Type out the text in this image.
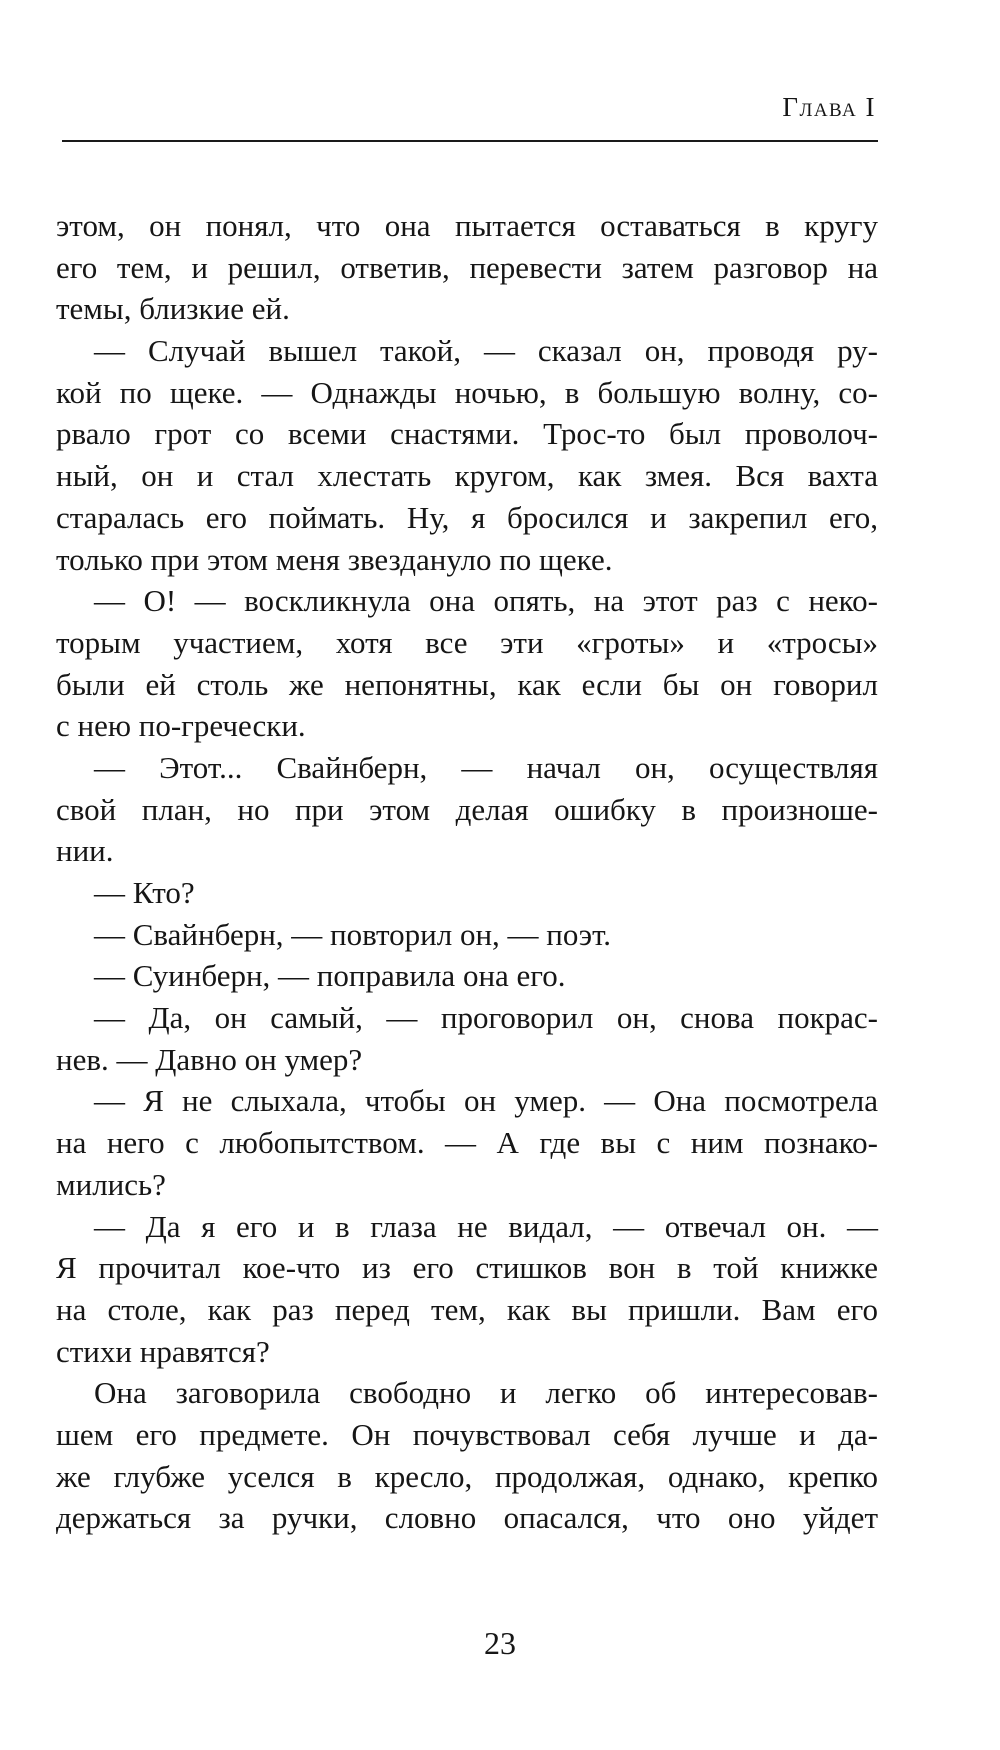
Глава I
этом, он понял, что она пытается оставаться в кругу
его тем, и решил, ответив, перевести затем разговор на
темы, близкие ей.
— Случай вышел такой, — сказал он, проводя ру-
кой по щеке. — Однажды ночью, в большую волну, со-
рвало грот со всеми снастями. Трос-то был проволоч-
ный, он и стал хлестать кругом, как змея. Вся вахта
старалась его поймать. Ну, я бросился и закрепил его,
только при этом меня звездануло по щеке.
— О! — воскликнула она опять, на этот раз с неко-
торым участием, хотя все эти «гроты» и «тросы»
были ей столь же непонятны, как если бы он говорил
с нею по-гречески.
— Этот... Свайнберн, — начал он, осуществляя
свой план, но при этом делая ошибку в произноше-
нии.
— Кто?
— Свайнберн, — повторил он, — поэт.
— Суинберн, — поправила она его.
— Да, он самый, — проговорил он, снова покрас-
нев. — Давно он умер?
— Я не слыхала, чтобы он умер. — Она посмотрела
на него с любопытством. — А где вы с ним познако-
мились?
— Да я его и в глаза не видал, — отвечал он. —
Я прочитал кое-что из его стишков вон в той книжке
на столе, как раз перед тем, как вы пришли. Вам его
стихи нравятся?
Она заговорила свободно и легко об интересовав-
шем его предмете. Он почувствовал себя лучше и да-
же глубже уселся в кресло, продолжая, однако, крепко
держаться за ручки, словно опасался, что оно уйдет
23
